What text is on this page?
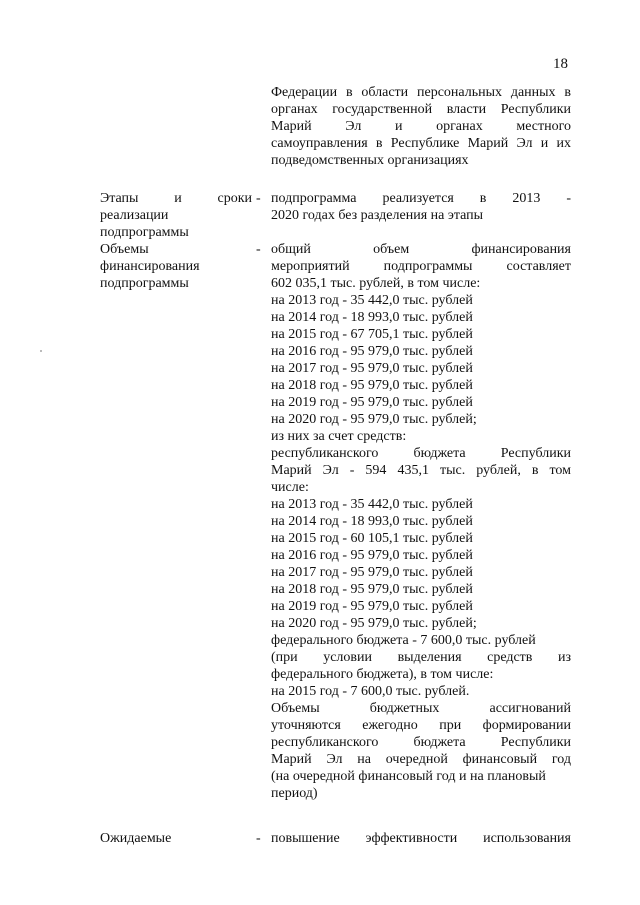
18
Федерации в области персональных данных в
органах государственной власти Республики
Марий Эл и органах местного
самоуправления в Республике Марий Эл и их
подведомственных организациях
Этапы и сроки
реализации
подпрограммы
- подпрограмма реализуется в 2013 -
2020 годах без разделения на этапы
Объемы
финансирования
подпрограммы
- общий объем финансирования
мероприятий подпрограммы составляет
602 035,1 тыс. рублей, в том числе:
на 2013 год - 35 442,0 тыс. рублей
на 2014 год - 18 993,0 тыс. рублей
на 2015 год - 67 705,1 тыс. рублей
на 2016 год - 95 979,0 тыс. рублей
на 2017 год - 95 979,0 тыс. рублей
на 2018 год - 95 979,0 тыс. рублей
на 2019 год - 95 979,0 тыс. рублей
на 2020 год - 95 979,0 тыс. рублей;
из них за счет средств:
республиканского бюджета Республики
Марий Эл - 594 435,1 тыс. рублей, в том
числе:
на 2013 год - 35 442,0 тыс. рублей
на 2014 год - 18 993,0 тыс. рублей
на 2015 год - 60 105,1 тыс. рублей
на 2016 год - 95 979,0 тыс. рублей
на 2017 год - 95 979,0 тыс. рублей
на 2018 год - 95 979,0 тыс. рублей
на 2019 год - 95 979,0 тыс. рублей
на 2020 год - 95 979,0 тыс. рублей;
федерального бюджета - 7 600,0 тыс. рублей
(при условии выделения средств из
федерального бюджета), в том числе:
на 2015 год - 7 600,0 тыс. рублей.
Объемы бюджетных ассигнований
уточняются ежегодно при формировании
республиканского бюджета Республики
Марий Эл на очередной финансовый год
(на очередной финансовый год и на плановый
период)
Ожидаемые	- повышение эффективности использования
